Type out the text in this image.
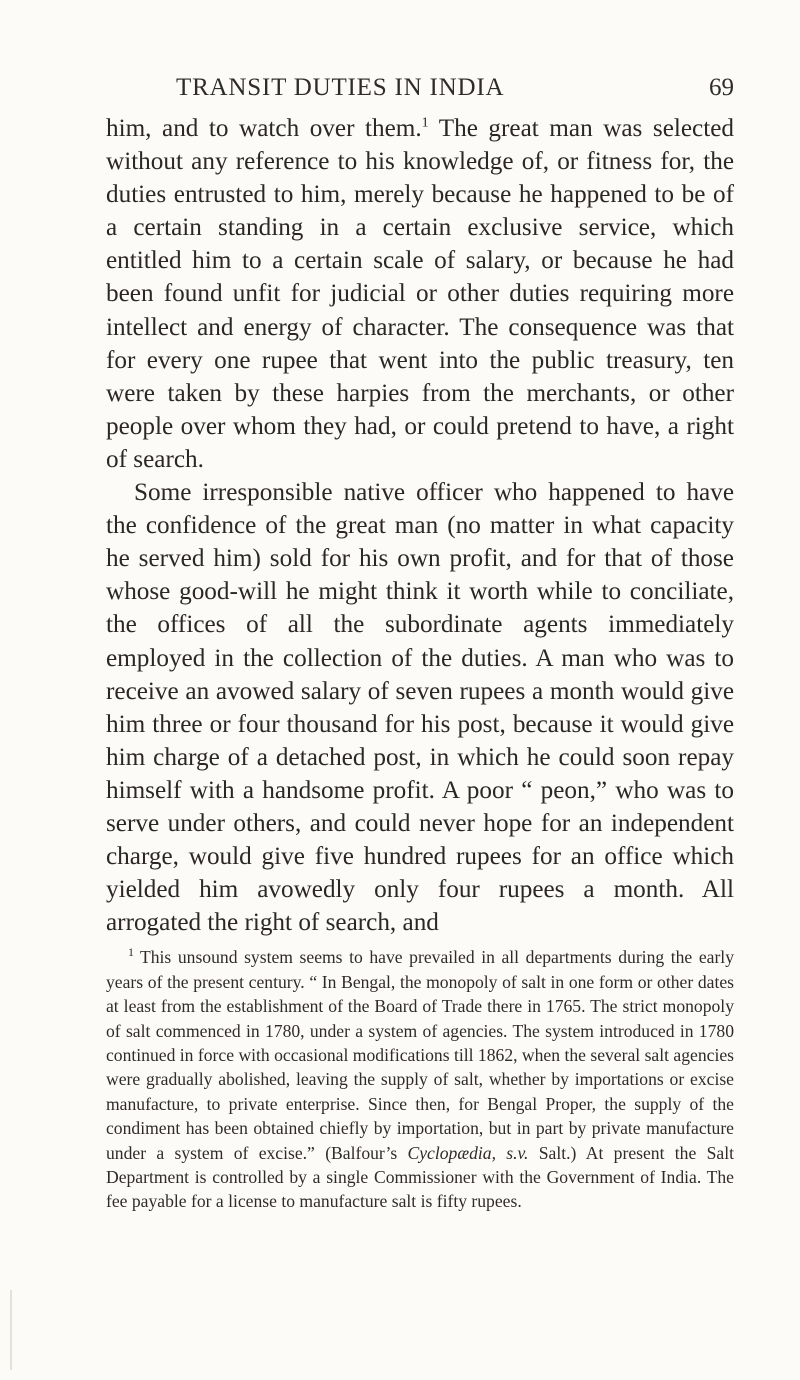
TRANSIT DUTIES IN INDIA	69

him, and to watch over them.$^1$ The great man was selected without any reference to his knowledge of, or fitness for, the duties entrusted to him, merely because he happened to be of a certain standing in a certain exclusive service, which entitled him to a certain scale of salary, or because he had been found unfit for judicial or other duties requiring more intellect and energy of character. The consequence was that for every one rupee that went into the public treasury, ten were taken by these harpies from the merchants, or other people over whom they had, or could pretend to have, a right of search.

Some irresponsible native officer who happened to have the confidence of the great man (no matter in what capacity he served him) sold for his own profit, and for that of those whose good-will he might think it worth while to conciliate, the offices of all the subordinate agents immediately employed in the collection of the duties. A man who was to receive an avowed salary of seven rupees a month would give him three or four thousand for his post, because it would give him charge of a detached post, in which he could soon repay himself with a handsome profit. A poor “ peon,” who was to serve under others, and could never hope for an independent charge, would give five hundred rupees for an office which yielded him avowedly only four rupees a month. All arrogated the right of search, and

$^1$ This unsound system seems to have prevailed in all departments during the early years of the present century. “ In Bengal, the monopoly of salt in one form or other dates at least from the establishment of the Board of Trade there in 1765. The strict monopoly of salt commenced in 1780, under a system of agencies. The system introduced in 1780 continued in force with occasional modifications till 1862, when the several salt agencies were gradually abolished, leaving the supply of salt, whether by importations or excise manufacture, to private enterprise. Since then, for Bengal Proper, the supply of the condiment has been obtained chiefly by importation, but in part by private manufacture under a system of excise.” (Balfour’s Cyclopædia, s.v. Salt.) At present the Salt Department is controlled by a single Commissioner with the Government of India. The fee payable for a license to manufacture salt is fifty rupees.
